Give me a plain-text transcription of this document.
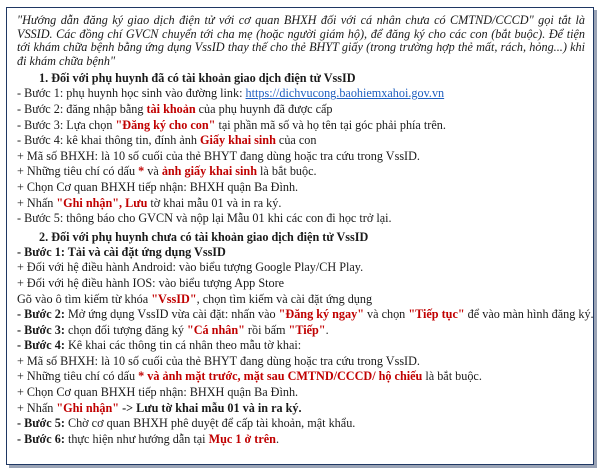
"Hướng dẫn đăng ký giao dịch điện tử với cơ quan BHXH đối với cá nhân chưa có CMTND/CCCD" gọi tắt là VSSID. Các đồng chí GVCN chuyển tới cha mẹ (hoặc người giám hộ), để đăng ký cho các con (bắt buộc). Để tiện tới khám chữa bệnh bằng ứng dụng VssID thay thế cho thẻ BHYT giấy (trong trường hợp thẻ mất, rách, hỏng...) khi đi khám chữa bệnh"

1. Đối với phụ huynh đã có tài khoản giao dịch điện tử VssID

- Bước 1: phụ huynh học sinh vào đường link: https://dichvucong.baohiemxahoi.gov.vn

- Bước 2: đăng nhập bằng tài khoản của phụ huynh đã được cấp

- Bước 3: Lựa chọn "Đăng ký cho con" tại phần mã số và họ tên tại góc phải phía trên.

- Bước 4: kê khai thông tin, đính ảnh Giấy khai sinh của con

+ Mã số BHXH: là 10 số cuối của thẻ BHYT đang dùng hoặc tra cứu trong VssID.

+ Những tiêu chí có dấu * và ảnh giấy khai sinh là bắt buộc.

+ Chọn Cơ quan BHXH tiếp nhận: BHXH quận Ba Đình.

+ Nhấn "Ghi nhận", Lưu tờ khai mẫu 01 và in ra ký.

- Bước 5: thông báo cho GVCN và nộp lại Mẫu 01 khi các con đi học trở lại.

2. Đối với phụ huynh chưa có tài khoản giao dịch điện tử VssID

- Bước 1: Tải và cài đặt ứng dụng VssID

+ Đối với hệ điều hành Android: vào biểu tượng Google Play/CH Play.

+ Đối với hệ điều hành IOS: vào biểu tượng App Store

Gõ vào ô tìm kiếm từ khóa "VssID", chọn tìm kiếm và cài đặt ứng dụng

- Bước 2: Mở ứng dụng VssID vừa cài đặt: nhấn vào "Đăng ký ngay" và chọn "Tiếp tục" để vào màn hình đăng ký.

- Bước 3: chọn đối tượng đăng ký "Cá nhân" rồi bấm "Tiếp".

- Bước 4: Kê khai các thông tin cá nhân theo mẫu tờ khai:

+ Mã số BHXH: là 10 số cuối của thẻ BHYT đang dùng hoặc tra cứu trong VssID.

+ Những tiêu chí có dấu * và ảnh mặt trước, mặt sau CMTND/CCCD/ hộ chiếu là bắt buộc.

+ Chọn Cơ quan BHXH tiếp nhận: BHXH quận Ba Đình.

+ Nhấn "Ghi nhận" -> Lưu tờ khai mẫu 01 và in ra ký.

- Bước 5: Chờ cơ quan BHXH phê duyệt để cấp tài khoản, mật khẩu.

- Bước 6: thực hiện như hướng dẫn tại Mục 1 ở trên.
